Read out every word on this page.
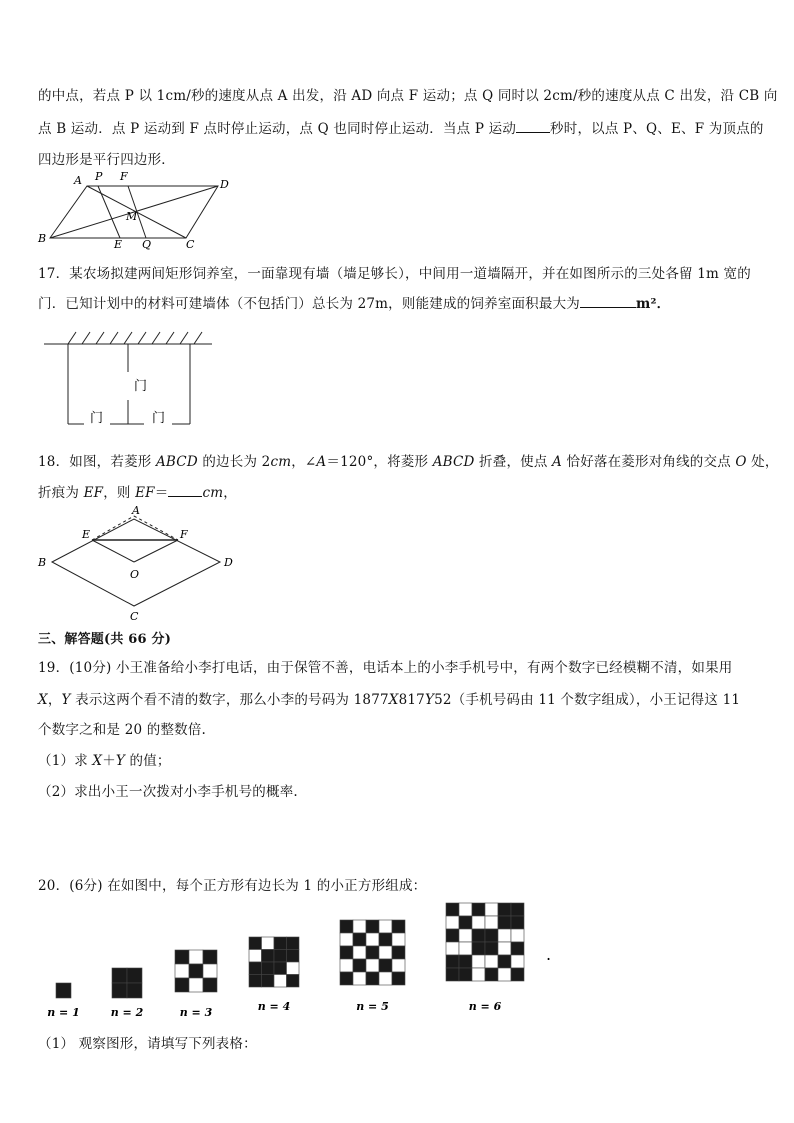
的中点，若点 P 以 1cm/秒的速度从点 A 出发，沿 AD 向点 F 运动；点 Q 同时以 2cm/秒的速度从点 C 出发，沿 CB 向
点 B 运动．点 P 运动到 F 点时停止运动，点 Q 也同时停止运动．当点 P 运动	秒时，以点 P、Q、E、F 为顶点的
四边形是平行四边形．
A P F
D
M
B	E Q	C
17．某农场拟建两间矩形饲养室，一面靠现有墙（墙足够长），中间用一道墙隔开，并在如图所示的三处各留 1m 宽的
门．已知计划中的材料可建墙体（不包括门）总长为 27m，则能建成的饲养室面积最大为	m²．
门
门	门
18．如图，若菱形 ABCD 的边长为 2cm，∠A＝120°，将菱形 ABCD 折叠，使点 A 恰好落在菱形对角线的交点 O 处，
折痕为 EF，则 EF＝	cm，
A
E	F
B
O
D
C
三、解答题(共 66 分)
19．(10分) 小王准备给小李打电话，由于保管不善，电话本上的小李手机号中，有两个数字已经模糊不清，如果用
X，Y 表示这两个看不清的数字，那么小李的号码为 1877X817Y52（手机号码由 11 个数字组成），小王记得这 11
个数字之和是 20 的整数倍.
（1）求 X＋Y 的值；
（2）求出小王一次拨对小李手机号的概率.
20．(6分) 在如图中，每个正方形有边长为 1 的小正方形组成：
n = 1	n = 2	n = 3	n = 4	n = 5	n = 6
.
（1） 观察图形，请填写下列表格：
